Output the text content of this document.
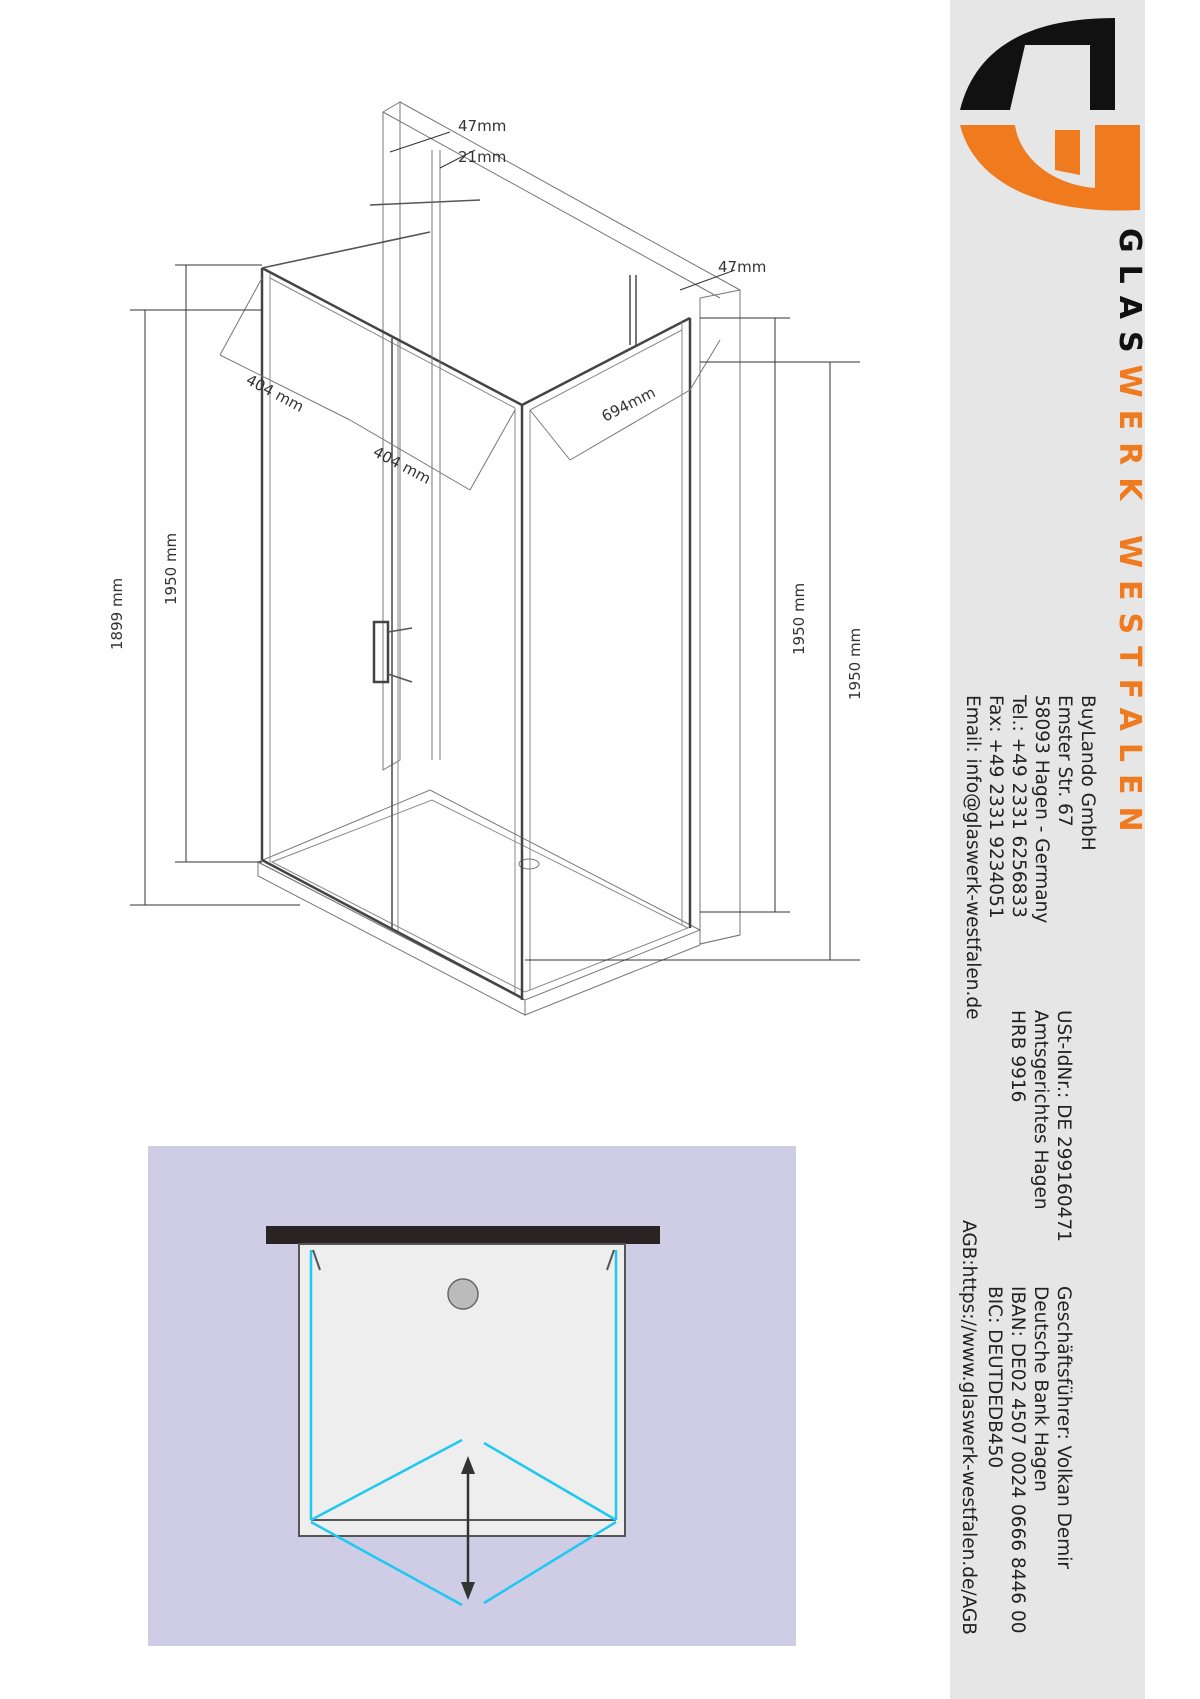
47mm
21mm
47mm
404 mm
404 mm
694mm
1899 mm
1950 mm
1950 mm
1950 mm
GLASWERK WESTFALEN
BuyLando GmbH
Emster Str. 67
58093 Hagen - Germany
Tel.: +49 2331 6256833
Fax: +49 2331 9234051
Email: info@glaswerk-westfalen.de
USt-IdNr.: DE 299160471
Amtsgerichtes Hagen
HRB 9916
Geschäftsführer: Volkan Demir
Deutsche Bank Hagen
IBAN: DE02 4507 0024 0666 8446 00
BIC: DEUTDEDB450
AGB:https://www.glaswerk-westfalen.de/AGB
